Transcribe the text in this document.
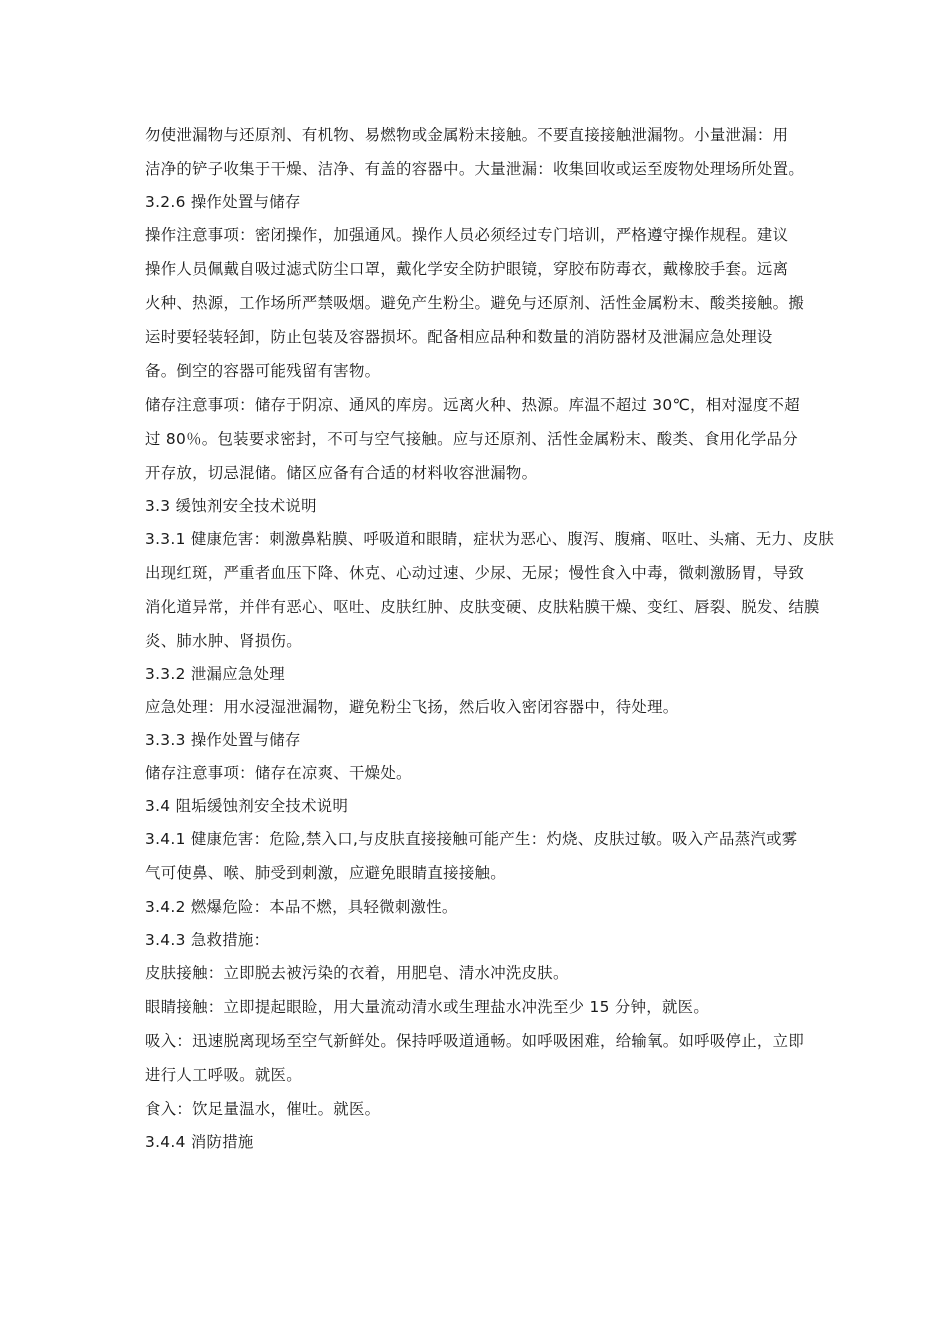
勿使泄漏物与还原剂、有机物、易燃物或金属粉末接触。不要直接接触泄漏物。小量泄漏：用

洁净的铲子收集于干燥、洁净、有盖的容器中。大量泄漏：收集回收或运至废物处理场所处置。

3.2.6 操作处置与储存

操作注意事项：密闭操作，加强通风。操作人员必须经过专门培训，严格遵守操作规程。建议

操作人员佩戴自吸过滤式防尘口罩，戴化学安全防护眼镜，穿胶布防毒衣，戴橡胶手套。远离

火种、热源，工作场所严禁吸烟。避免产生粉尘。避免与还原剂、活性金属粉末、酸类接触。搬

运时要轻装轻卸，防止包装及容器损坏。配备相应品种和数量的消防器材及泄漏应急处理设

备。倒空的容器可能残留有害物。

储存注意事项：储存于阴凉、通风的库房。远离火种、热源。库温不超过 30℃，相对湿度不超

过 80％。包装要求密封，不可与空气接触。应与还原剂、活性金属粉末、酸类、食用化学品分

开存放，切忌混储。储区应备有合适的材料收容泄漏物。

3.3 缓蚀剂安全技术说明

3.3.1 健康危害：刺激鼻粘膜、呼吸道和眼睛，症状为恶心、腹泻、腹痛、呕吐、头痛、无力、皮肤

出现红斑，严重者血压下降、休克、心动过速、少尿、无尿；慢性食入中毒，微刺激肠胃，导致

消化道异常，并伴有恶心、呕吐、皮肤红肿、皮肤变硬、皮肤粘膜干燥、变红、唇裂、脱发、结膜

炎、肺水肿、肾损伤。

3.3.2 泄漏应急处理

应急处理：用水浸湿泄漏物，避免粉尘飞扬，然后收入密闭容器中，待处理。

3.3.3 操作处置与储存

储存注意事项：储存在凉爽、干燥处。

3.4 阻垢缓蚀剂安全技术说明

3.4.1 健康危害：危险,禁入口,与皮肤直接接触可能产生：灼烧、皮肤过敏。吸入产品蒸汽或雾

气可使鼻、喉、肺受到刺激，应避免眼睛直接接触。

3.4.2 燃爆危险：本品不燃，具轻微刺激性。

3.4.3 急救措施：

皮肤接触：立即脱去被污染的衣着，用肥皂、清水冲洗皮肤。

眼睛接触：立即提起眼睑，用大量流动清水或生理盐水冲洗至少 15 分钟，就医。

吸入：迅速脱离现场至空气新鲜处。保持呼吸道通畅。如呼吸困难，给输氧。如呼吸停止，立即

进行人工呼吸。就医。

食入：饮足量温水，催吐。就医。

3.4.4 消防措施
